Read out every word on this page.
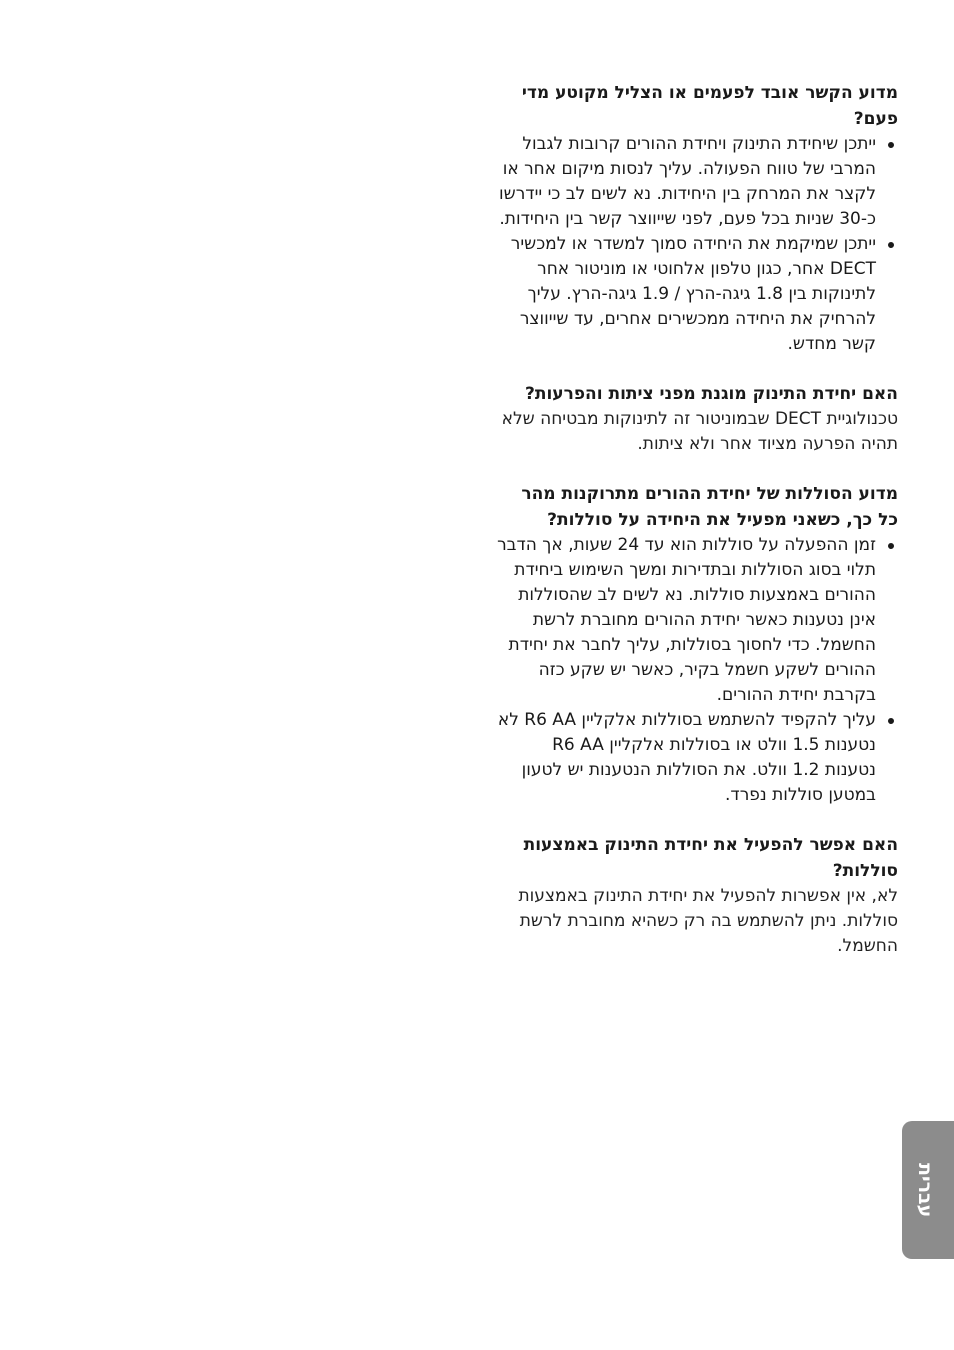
מדוע הקשר אובד לפעמים או הצליל מקוטע מדי פעם?

ייתכן שיחידת התינוק ויחידת ההורים קרובות לגבול המרבי של טווח הפעולה. עליך לנסות מיקום אחר או לקצר את המרחק בין היחידות. נא לשים לב כי יידרשו כ-30 שניות בכל פעם, לפני שייווצר קשר בין היחידות.
ייתכן שמיקמת את היחידה סמוך למשדר או למכשיר DECT אחר, כגון טלפון אלחוטי או מוניטור אחר לתינוקות בין 1.8 גיגה-הרץ / 1.9 גיגה-הרץ. עליך להרחיק את היחידה ממכשירים אחרים, עד שייווצר קשר מחדש.

האם יחידת התינוק מוגנת מפני ציתות והפרעות?

טכנולוגיית DECT שבמוניטור זה לתינוקות מבטיחה שלא תהיה הפרעה מציוד אחר ולא ציתות.

מדוע הסוללות של יחידת ההורים מתרוקנות מהר כל כך, כשאני מפעיל את היחידה על סוללות?

זמן ההפעלה על סוללות הוא עד 24 שעות, אך הדבר תלוי בסוג הסוללות ובתדירות ומשך השימוש ביחידת ההורים באמצעות סוללות. נא לשים לב שהסוללות אינן נטענות כאשר יחידת ההורים מחוברת לרשת החשמל. כדי לחסוך בסוללות, עליך לחבר את יחידת ההורים לשקע חשמל בקיר, כאשר יש שקע כזה בקרבת יחידת ההורים.
עליך להקפיד להשתמש בסוללות אלקליין R6 AA לא נטענות 1.5 וולט או בסוללות אלקליין R6 AA נטענות 1.2 וולט. את הסוללות הנטענות יש לטעון במטען סוללות נפרד.

האם אפשר להפעיל את יחידת התינוק באמצעות סוללות?

לא, אין אפשרות להפעיל את יחידת התינוק באמצעות סוללות. ניתן להשתמש בה רק כשהיא מחוברת לרשת החשמל.

עברית
